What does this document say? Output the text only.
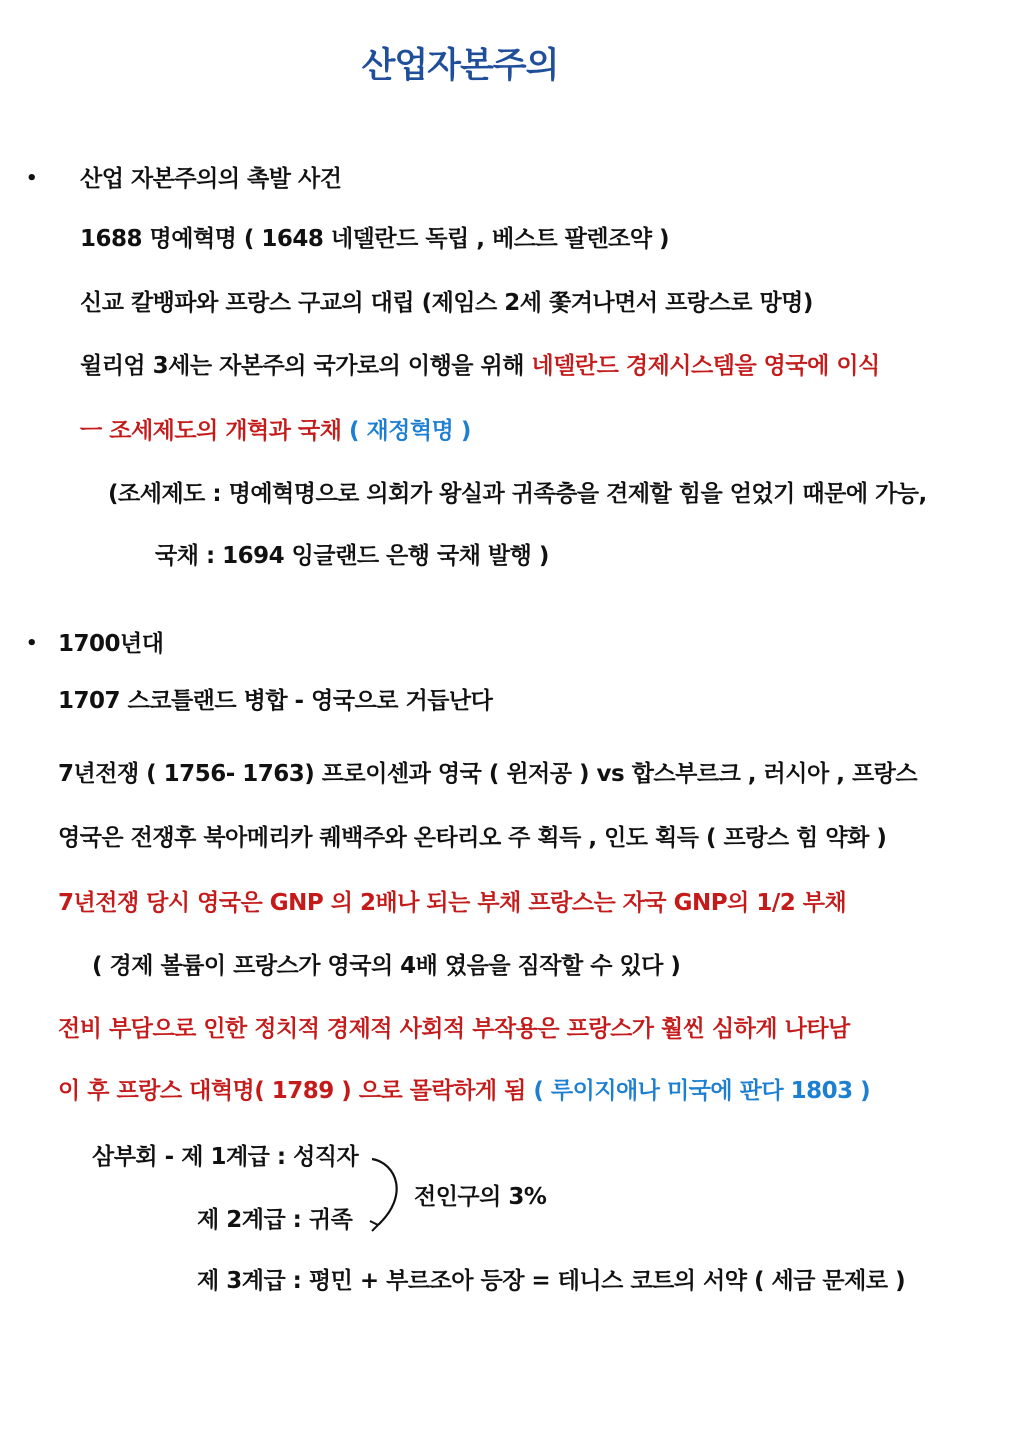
산업자본주의
• 산업 자본주의의 촉발 사건
1688 명예혁명 ( 1648 네델란드 독립 , 베스트 팔렌조약 )
신교 칼뱅파와 프랑스 구교의 대립 (제임스 2세 쫓겨나면서 프랑스로 망명)
윌리엄 3세는 자본주의 국가로의 이행을 위해 네델란드 경제시스템을 영국에 이식
ㅡ 조세제도의 개혁과 국채 ( 재정혁명 )
(조세제도 : 명예혁명으로 의회가 왕실과 귀족층을 견제할 힘을 얻었기 때문에 가능,
국채 : 1694 잉글랜드 은행 국채 발행 )
• 1700년대
1707 스코틀랜드 병합 - 영국으로 거듭난다
7년전쟁 ( 1756- 1763) 프로이센과 영국 ( 윈저공 ) vs 합스부르크 , 러시아 , 프랑스
영국은 전쟁후 북아메리카 퀘백주와 온타리오 주 획득 , 인도 획득 ( 프랑스 힘 약화 )
7년전쟁 당시 영국은 GNP 의 2배나 되는 부채 프랑스는 자국 GNP의 1/2 부채
( 경제 볼륨이 프랑스가 영국의 4배 였음을 짐작할 수 있다 )
전비 부담으로 인한 정치적 경제적 사회적 부작용은 프랑스가 훨씬 심하게 나타남
이 후 프랑스 대혁명( 1789 ) 으로 몰락하게 됨 ( 루이지애나 미국에 판다 1803 )
삼부회 - 제 1계급 : 성직자
전인구의 3%
제 2계급 : 귀족
제 3계급 : 평민 + 부르조아 등장 = 테니스 코트의 서약 ( 세금 문제로 )
